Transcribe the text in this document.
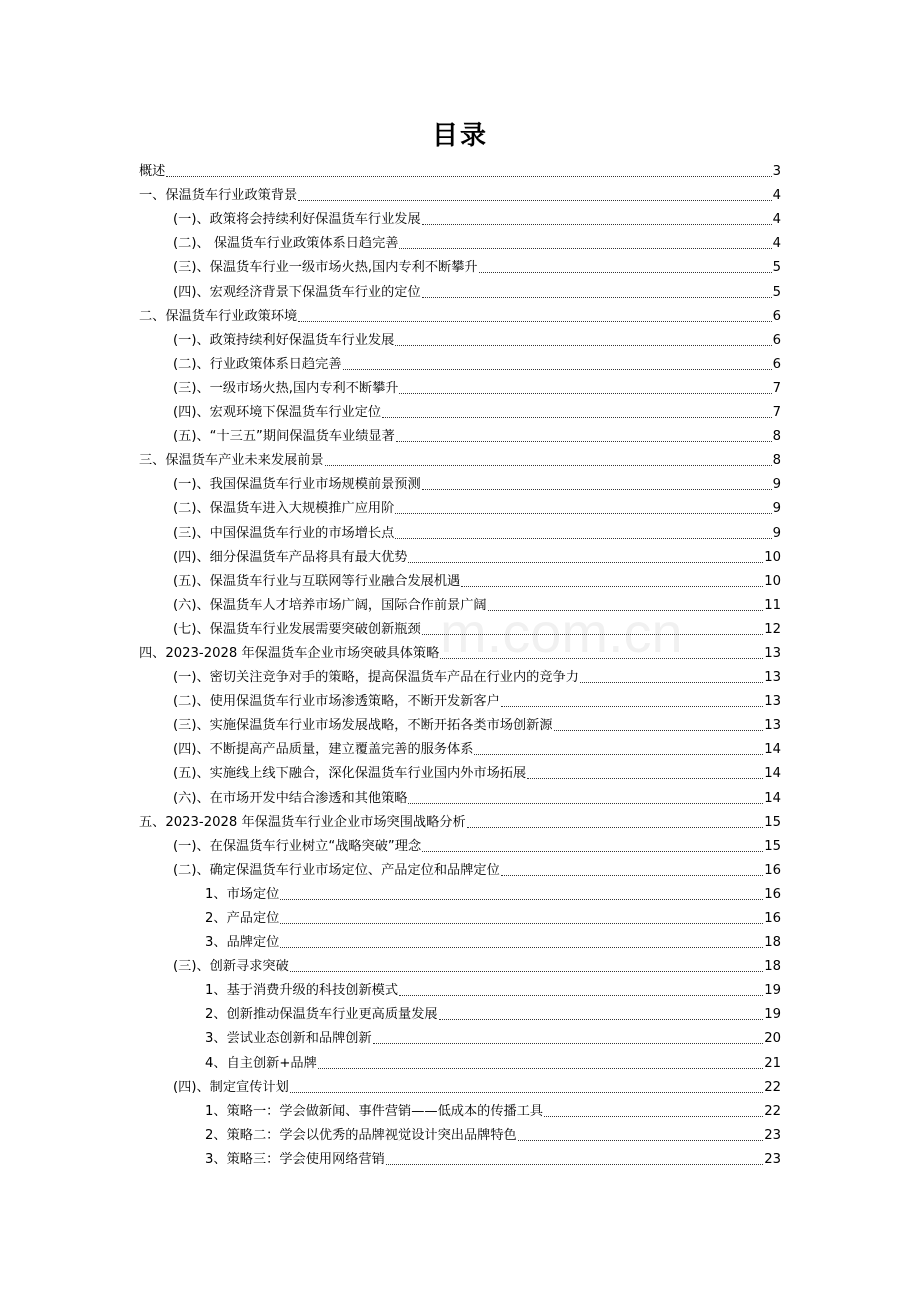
m.com.cn
目录
概述	3
一、保温货车行业政策背景	4
(一)、政策将会持续利好保温货车行业发展	4
(二)、 保温货车行业政策体系日趋完善	4
(三)、保温货车行业一级市场火热,国内专利不断攀升	5
(四)、宏观经济背景下保温货车行业的定位	5
二、保温货车行业政策环境	6
(一)、政策持续利好保温货车行业发展	6
(二)、行业政策体系日趋完善	6
(三)、一级市场火热,国内专利不断攀升	7
(四)、宏观环境下保温货车行业定位	7
(五)、“十三五”期间保温货车业绩显著	8
三、保温货车产业未来发展前景	8
(一)、我国保温货车行业市场规模前景预测	9
(二)、保温货车进入大规模推广应用阶	9
(三)、中国保温货车行业的市场增长点	9
(四)、细分保温货车产品将具有最大优势	10
(五)、保温货车行业与互联网等行业融合发展机遇	10
(六)、保温货车人才培养市场广阔，国际合作前景广阔	11
(七)、保温货车行业发展需要突破创新瓶颈	12
四、2023-2028 年保温货车企业市场突破具体策略	13
(一)、密切关注竞争对手的策略，提高保温货车产品在行业内的竞争力	13
(二)、使用保温货车行业市场渗透策略，不断开发新客户	13
(三)、实施保温货车行业市场发展战略，不断开拓各类市场创新源	13
(四)、不断提高产品质量，建立覆盖完善的服务体系	14
(五)、实施线上线下融合，深化保温货车行业国内外市场拓展	14
(六)、在市场开发中结合渗透和其他策略	14
五、2023-2028 年保温货车行业企业市场突围战略分析	15
(一)、在保温货车行业树立“战略突破”理念	15
(二)、确定保温货车行业市场定位、产品定位和品牌定位	16
1、市场定位	16
2、产品定位	16
3、品牌定位	18
(三)、创新寻求突破	18
1、基于消费升级的科技创新模式	19
2、创新推动保温货车行业更高质量发展	19
3、尝试业态创新和品牌创新	20
4、自主创新+品牌	21
(四)、制定宣传计划	22
1、策略一：学会做新闻、事件营销——低成本的传播工具	22
2、策略二：学会以优秀的品牌视觉设计突出品牌特色	23
3、策略三：学会使用网络营销	23
